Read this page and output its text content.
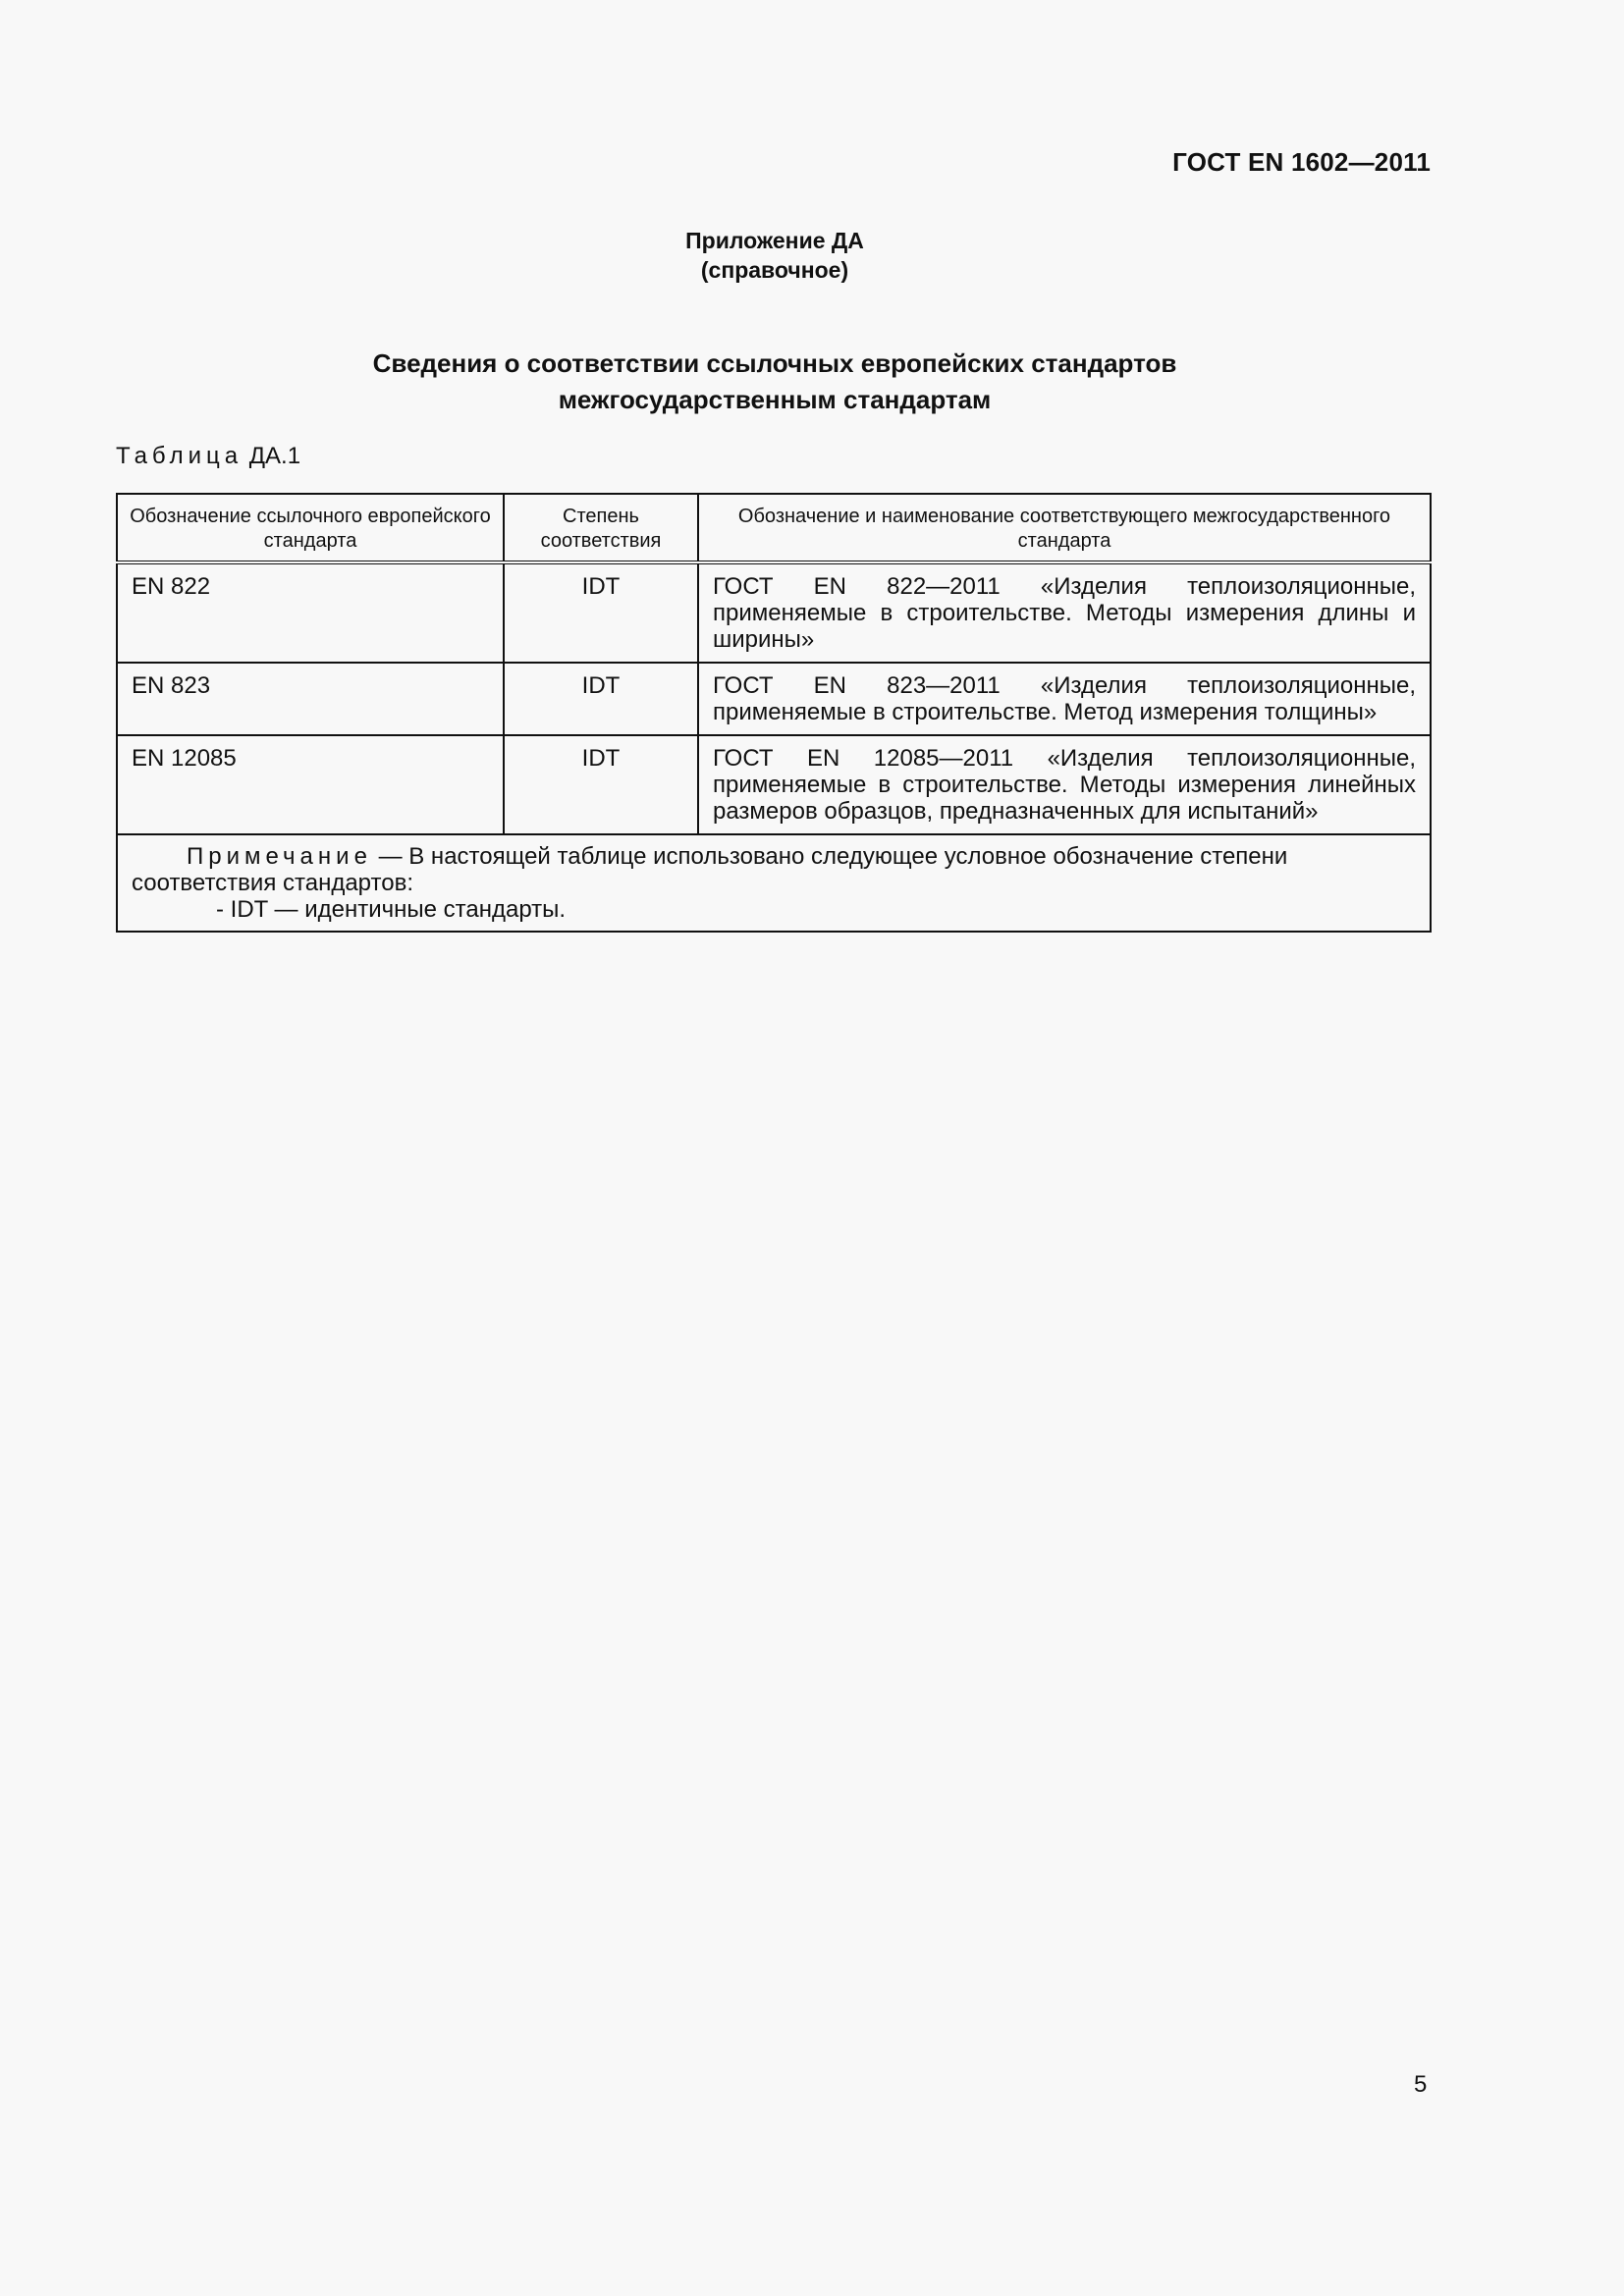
ГОСТ EN 1602—2011
Приложение ДА
(справочное)
Сведения о соответствии ссылочных европейских стандартов
межгосударственным стандартам
Таблица ДА.1
Обозначение ссылочного европейского стандарта	Степень соответствия	Обозначение и наименование соответствующего межгосударственного стандарта
EN 822	IDT	ГОСТ EN 822—2011 «Изделия теплоизоляционные, применяемые в строительстве. Методы измерения длины и ширины»
EN 823	IDT	ГОСТ EN 823—2011 «Изделия теплоизоляционные, применяемые в строительстве. Метод измерения толщины»
EN 12085	IDT	ГОСТ EN 12085—2011 «Изделия теплоизоляционные, применяемые в строительстве. Методы измерения линейных размеров образцов, предназначенных для испытаний»

Примечание — В настоящей таблице использовано следующее условное обозначение степени соответствия стандартов:
- IDT — идентичные стандарты.		
5
